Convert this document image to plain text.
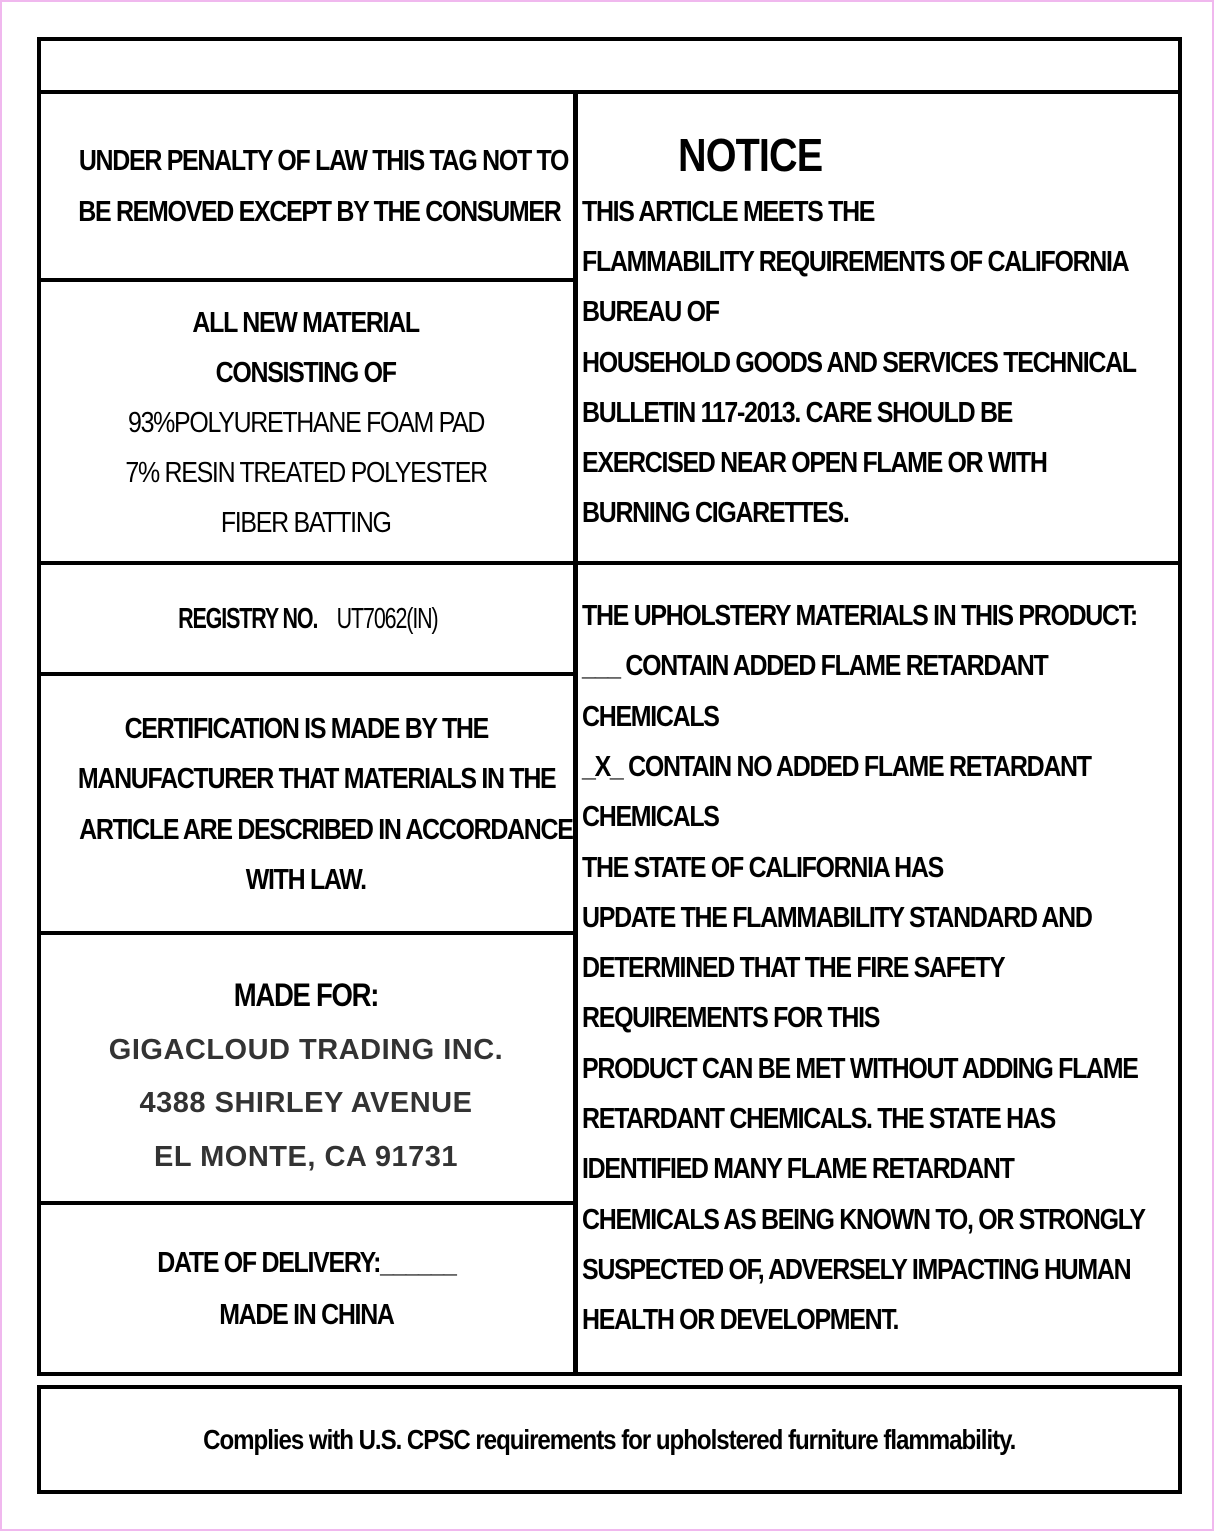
UNDER PENALTY OF LAW THIS TAG NOT TO
BE REMOVED EXCEPT BY THE CONSUMER
ALL NEW MATERIAL
CONSISTING OF
93%POLYURETHANE FOAM PAD
7% RESIN TREATED POLYESTER
FIBER BATTING
REGISTRY NO. UT7062(IN)
CERTIFICATION IS MADE BY THE
MANUFACTURER THAT MATERIALS IN THE
ARTICLE ARE DESCRIBED IN ACCORDANCE
WITH LAW.
MADE FOR:
GIGACLOUD TRADING INC.
4388 SHIRLEY AVENUE
EL MONTE, CA 91731
DATE OF DELIVERY:______
MADE IN CHINA
NOTICE
THIS ARTICLE MEETS THE
FLAMMABILITY REQUIREMENTS OF CALIFORNIA
BUREAU OF
HOUSEHOLD GOODS AND SERVICES TECHNICAL
BULLETIN 117-2013. CARE SHOULD BE
EXERCISED NEAR OPEN FLAME OR WITH
BURNING CIGARETTES.
THE UPHOLSTERY MATERIALS IN THIS PRODUCT:
___ CONTAIN ADDED FLAME RETARDANT
CHEMICALS
_X_ CONTAIN NO ADDED FLAME RETARDANT
CHEMICALS
THE STATE OF CALIFORNIA HAS
UPDATE THE FLAMMABILITY STANDARD AND
DETERMINED THAT THE FIRE SAFETY
REQUIREMENTS FOR THIS
PRODUCT CAN BE MET WITHOUT ADDING FLAME
RETARDANT CHEMICALS. THE STATE HAS
IDENTIFIED MANY FLAME RETARDANT
CHEMICALS AS BEING KNOWN TO, OR STRONGLY
SUSPECTED OF, ADVERSELY IMPACTING HUMAN
HEALTH OR DEVELOPMENT.
Complies with U.S. CPSC requirements for upholstered furniture flammability.
